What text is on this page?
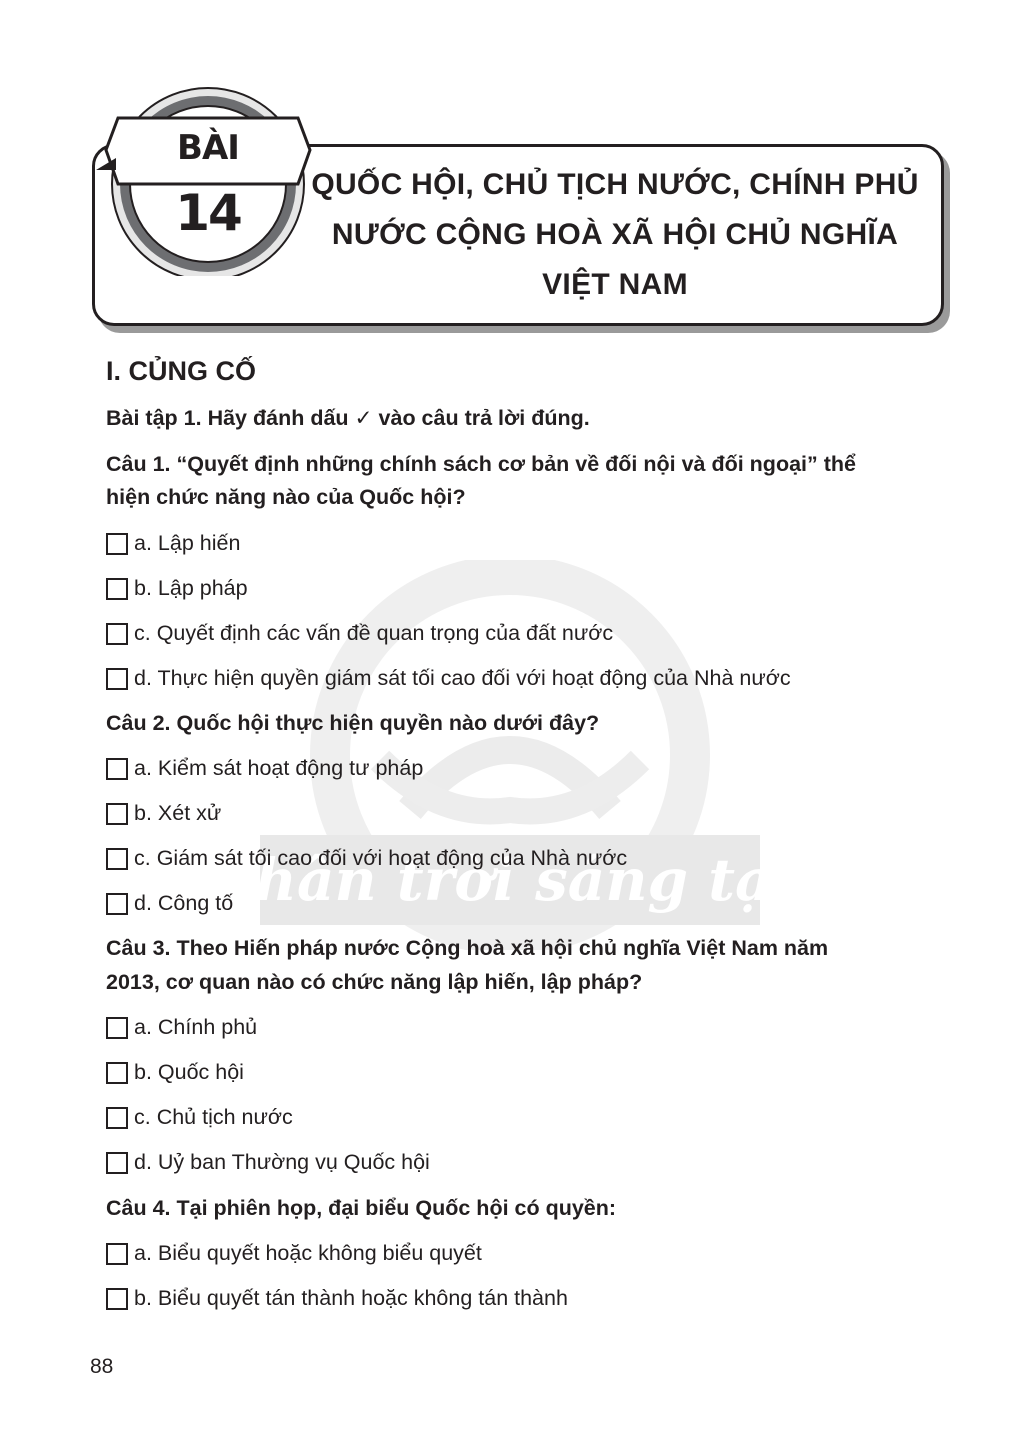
QUỐC HỘI, CHỦ TỊCH NƯỚC, CHÍNH PHỦ
NƯỚC CỘNG HOÀ XÃ HỘI CHỦ NGHĨA
VIỆT NAM
BÀI
14
ân trời sáng t
I. CỦNG CỐ
Bài tập 1. Hãy đánh dấu ✓ vào câu trả lời đúng.
Câu 1. “Quyết định những chính sách cơ bản về đối nội và đối ngoại” thể
hiện chức năng nào của Quốc hội?
a. Lập hiến
b. Lập pháp
c. Quyết định các vấn đề quan trọng của đất nước
d. Thực hiện quyền giám sát tối cao đối với hoạt động của Nhà nước
Câu 2. Quốc hội thực hiện quyền nào dưới đây?
a. Kiểm sát hoạt động tư pháp
b. Xét xử
c. Giám sát tối cao đối với hoạt động của Nhà nước
d. Công tố
Câu 3. Theo Hiến pháp nước Cộng hoà xã hội chủ nghĩa Việt Nam năm
2013, cơ quan nào có chức năng lập hiến, lập pháp?
a. Chính phủ
b. Quốc hội
c. Chủ tịch nước
d. Uỷ ban Thường vụ Quốc hội
Câu 4. Tại phiên họp, đại biểu Quốc hội có quyền:
a. Biểu quyết hoặc không biểu quyết
b. Biểu quyết tán thành hoặc không tán thành
88
